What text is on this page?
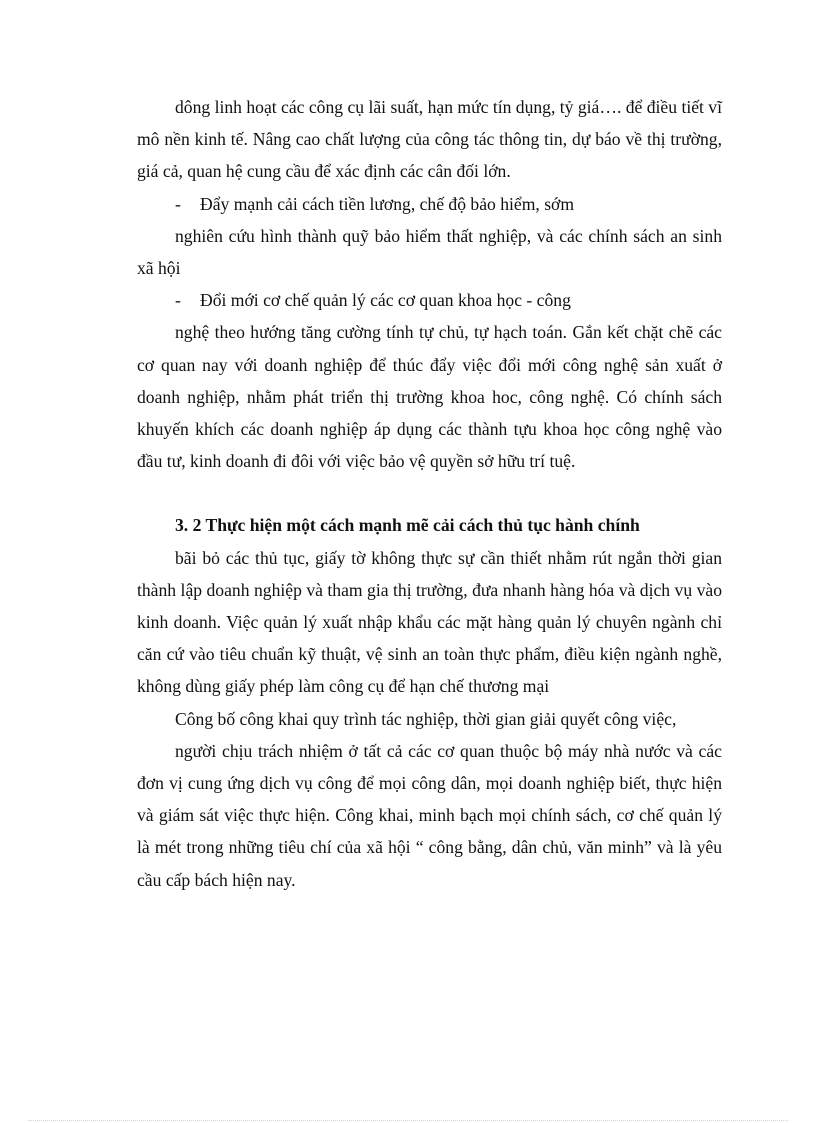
dông linh hoạt các công cụ lãi suất, hạn mức tín dụng, tỷ giá…. để điều tiết vĩ mô nền kinh tế. Nâng cao chất lượng của công tác thông tin, dự báo về thị trường, giá cả, quan hệ cung cầu để xác định các cân đối lớn.

- Đẩy mạnh cải cách tiền lương, chế độ bảo hiểm, sớm

nghiên cứu hình thành quỹ bảo hiểm thất nghiệp, và các chính sách an sinh xã hội

- Đổi mới cơ chế quản lý các cơ quan khoa học - công

nghệ theo hướng tăng cường tính tự chủ, tự hạch toán. Gắn kết chặt chẽ các cơ quan nay với doanh nghiệp để thúc đẩy việc đổi mới công nghệ sản xuất ở doanh nghiệp, nhằm phát triển thị trường khoa hoc, công nghệ. Có chính sách khuyến khích các doanh nghiệp áp dụng các thành tựu khoa học công nghệ vào đầu tư, kinh doanh đi đôi với việc bảo vệ quyền sở hữu trí tuệ.

3. 2 Thực hiện một cách mạnh mẽ cải cách thủ tục hành chính

bãi bỏ các thủ tục, giấy tờ không thực sự cần thiết nhằm rút ngắn thời gian thành lập doanh nghiệp và tham gia thị trường, đưa nhanh hàng hóa và dịch vụ vào kinh doanh. Việc quản lý xuất nhập khẩu các mặt hàng quản lý chuyên ngành chỉ căn cứ vào tiêu chuẩn kỹ thuật, vệ sinh an toàn thực phẩm, điều kiện ngành nghề, không dùng giấy phép làm công cụ để hạn chế thương mại

Công bố công khai quy trình tác nghiệp, thời gian giải quyết công việc,

người chịu trách nhiệm ở tất cả các cơ quan thuộc bộ máy nhà nước và các đơn vị cung ứng dịch vụ công để mọi công dân, mọi doanh nghiệp biết, thực hiện và giám sát việc thực hiện. Công khai, minh bạch mọi chính sách, cơ chế quản lý là mét trong những tiêu chí của xã hội “ công bằng, dân chủ, văn minh” và là yêu cầu cấp bách hiện nay.
